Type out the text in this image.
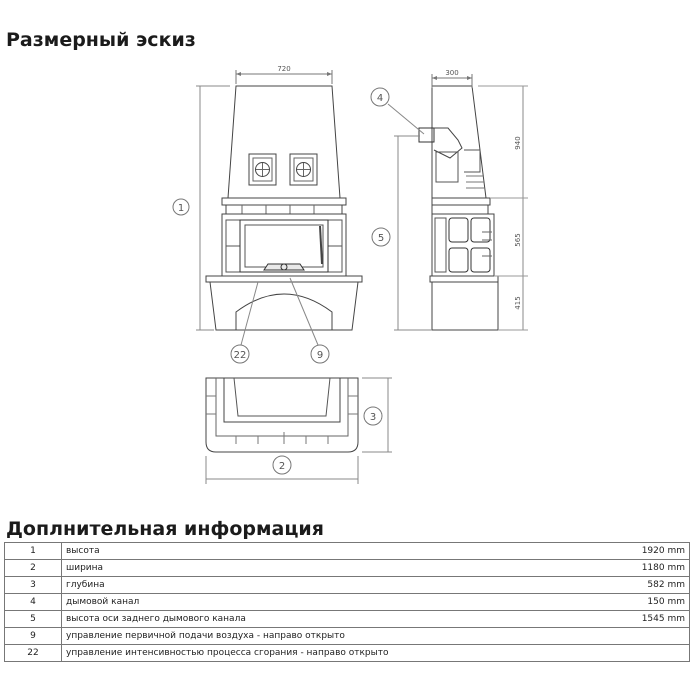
Размерный эскиз
720
1
22	9
300
940
565
415
4
5
3
2
Доплнительная информация
1	высота	1920 mm
2	ширина	1180 mm
3	глубина	582 mm
4	дымовой канал	150 mm
5	высота оси заднего дымового канала	1545 mm
9	управление первичной подачи воздуха - направо открыто	
22	управление интенсивностью процесса сгорания - направо открыто	
